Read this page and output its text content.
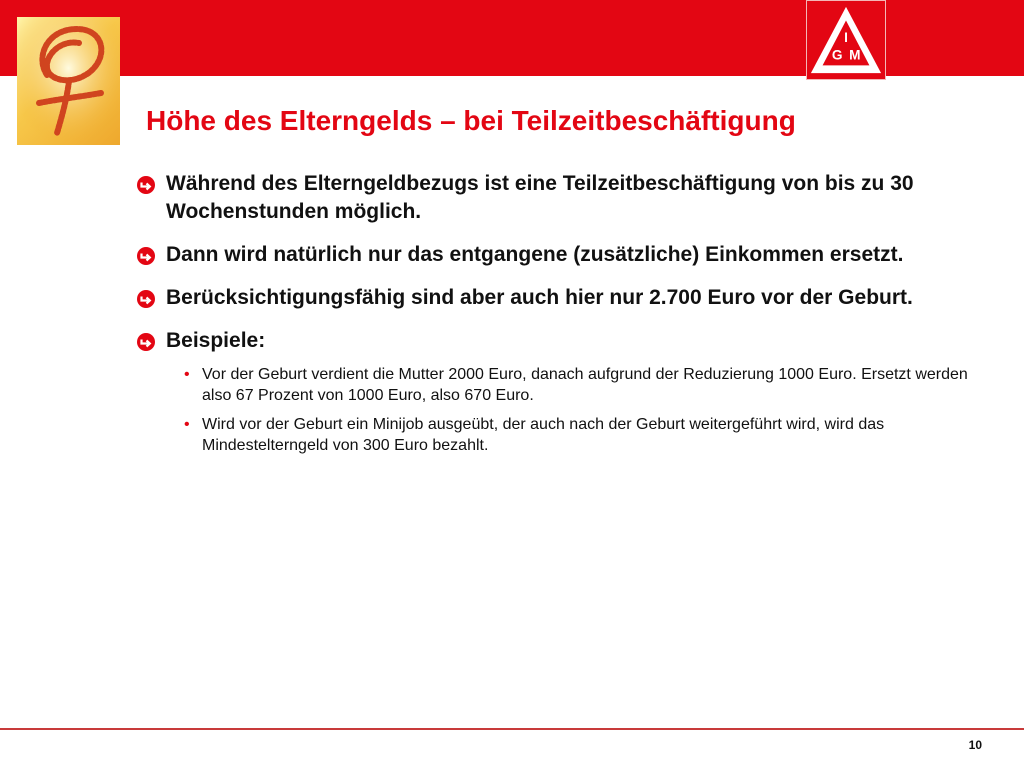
I
G M
Höhe des Elterngelds – bei Teilzeitbeschäftigung
Während des Elterngeldbezugs ist eine Teilzeitbeschäftigung von bis zu 30 Wochenstunden möglich.
Dann wird natürlich nur das entgangene (zusätzliche) Einkommen ersetzt.
Berücksichtigungsfähig sind aber auch hier nur 2.700 Euro vor der Geburt.
Beispiele:
• Vor der Geburt verdient die Mutter 2000 Euro, danach aufgrund der Reduzierung 1000 Euro. Ersetzt werden also 67 Prozent von 1000 Euro, also 670 Euro.
• Wird vor der Geburt ein Minijob ausgeübt, der auch nach der Geburt weitergeführt wird, wird das Mindestelterngeld von 300 Euro bezahlt.
10
